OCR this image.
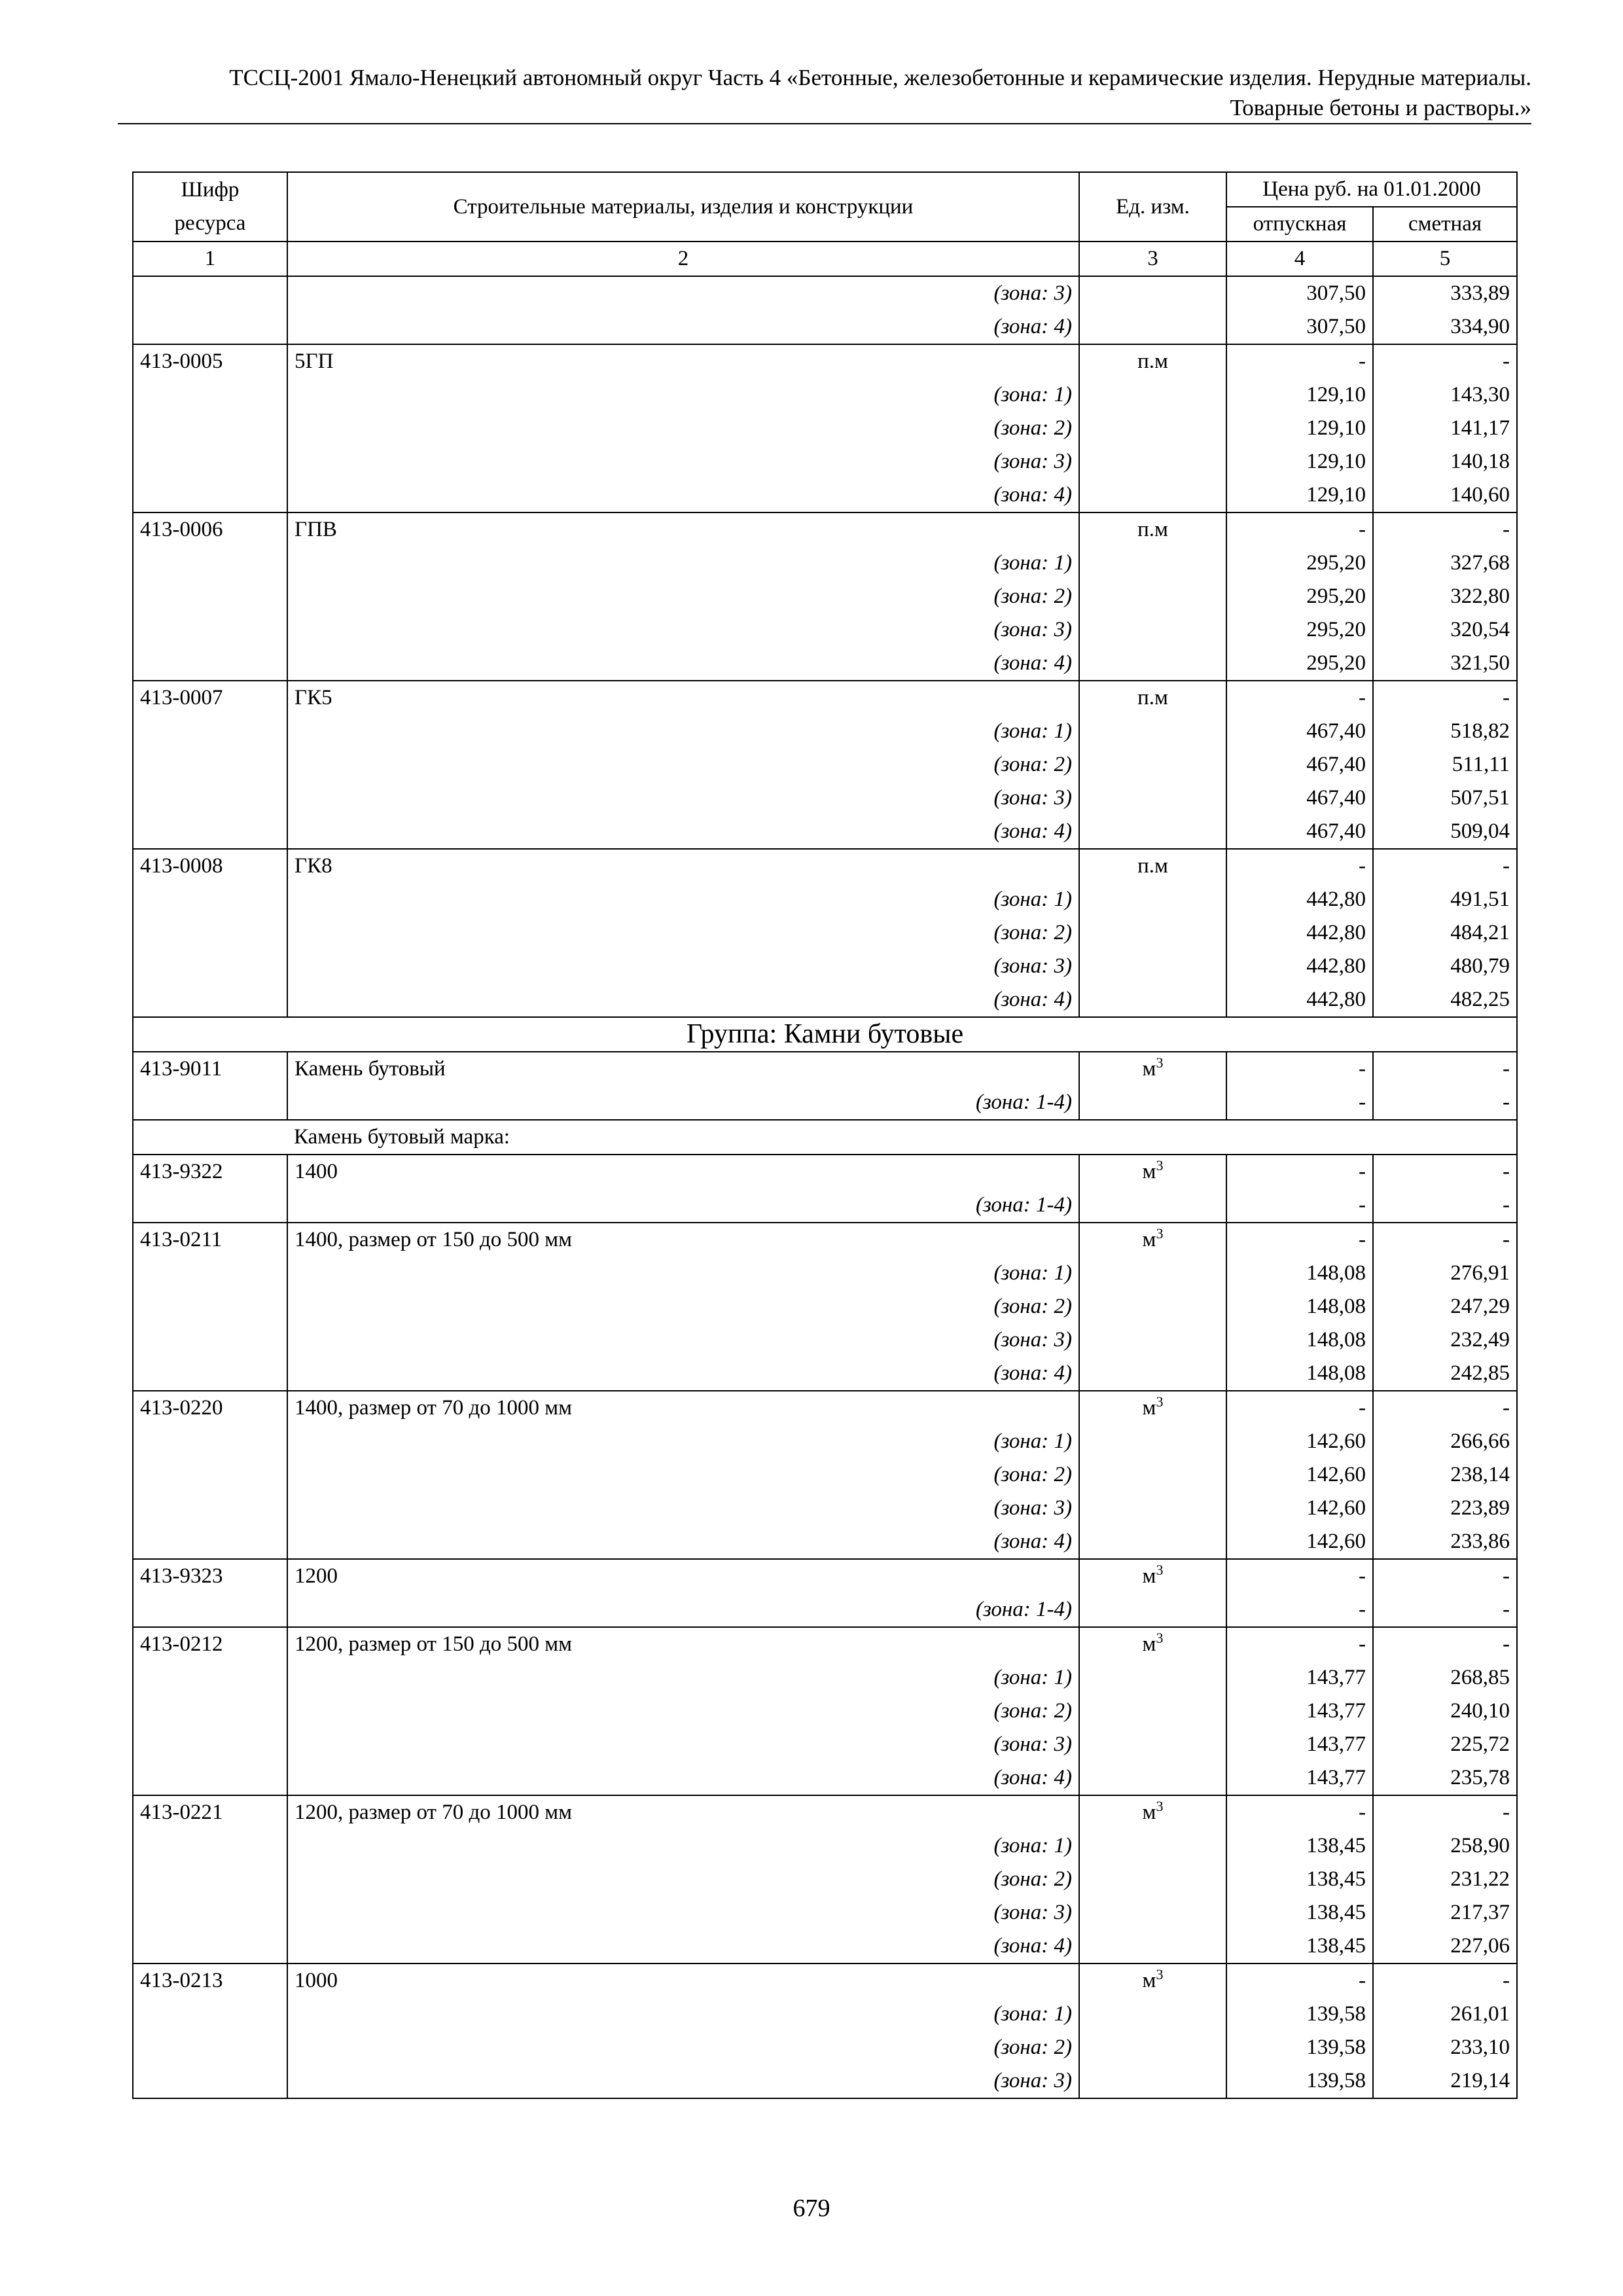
ТССЦ-2001 Ямало-Ненецкий автономный округ Часть 4 «Бетонные, железобетонные и керамические изделия. Нерудные материалы.
Товарные бетоны и растворы.»
Шифр ресурса	Строительные материалы, изделия и конструкции	Ед. изм.	Цена руб. на 01.01.2000	
			отпускная	сметная
1	2	3	4	5
	(зона: 3)		307,50	333,89
	(зона: 4)		307,50	334,90
413-0005	5ГП	п.м	-	-
	(зона: 1)		129,10	143,30
	(зона: 2)		129,10	141,17
	(зона: 3)		129,10	140,18
	(зона: 4)		129,10	140,60
413-0006	ГПВ	п.м	-	-
	(зона: 1)		295,20	327,68
	(зона: 2)		295,20	322,80
	(зона: 3)		295,20	320,54
	(зона: 4)		295,20	321,50
413-0007	ГК5	п.м	-	-
	(зона: 1)		467,40	518,82
	(зона: 2)		467,40	511,11
	(зона: 3)		467,40	507,51
	(зона: 4)		467,40	509,04
413-0008	ГК8	п.м	-	-
	(зона: 1)		442,80	491,51
	(зона: 2)		442,80	484,21
	(зона: 3)		442,80	480,79
	(зона: 4)		442,80	482,25
Группа: Камни бутовые				
413-9011	Камень бутовый	$м^3$	-	-
	(зона: 1-4)		-	-
	Камень бутовый марка:			
413-9322	1400	$м^3$	-	-
	(зона: 1-4)		-	-
413-0211	1400, размер от 150 до 500 мм	$м^3$	-	-
	(зона: 1)		148,08	276,91
	(зона: 2)		148,08	247,29
	(зона: 3)		148,08	232,49
	(зона: 4)		148,08	242,85
413-0220	1400, размер от 70 до 1000 мм	$м^3$	-	-
	(зона: 1)		142,60	266,66
	(зона: 2)		142,60	238,14
	(зона: 3)		142,60	223,89
	(зона: 4)		142,60	233,86
413-9323	1200	$м^3$	-	-
	(зона: 1-4)		-	-
413-0212	1200, размер от 150 до 500 мм	$м^3$	-	-
	(зона: 1)		143,77	268,85
	(зона: 2)		143,77	240,10
	(зона: 3)		143,77	225,72
	(зона: 4)		143,77	235,78
413-0221	1200, размер от 70 до 1000 мм	$м^3$	-	-
	(зона: 1)		138,45	258,90
	(зона: 2)		138,45	231,22
	(зона: 3)		138,45	217,37
	(зона: 4)		138,45	227,06
413-0213	1000	$м^3$	-	-
	(зона: 1)		139,58	261,01
	(зона: 2)		139,58	233,10
	(зона: 3)		139,58	219,14
679
